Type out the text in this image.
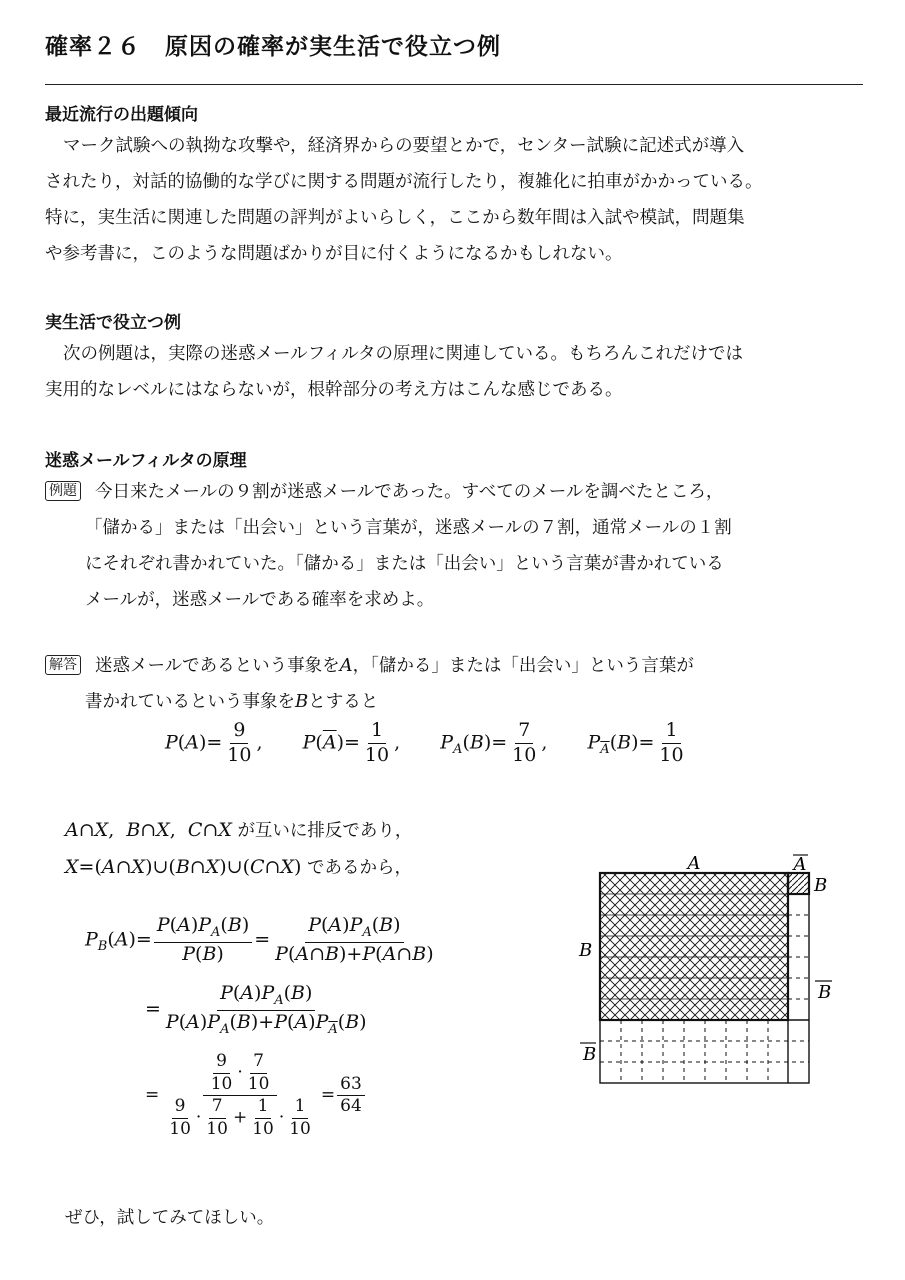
確率２６　原因の確率が実生活で役立つ例
最近流行の出題傾向
マーク試験への執拗な攻撃や，経済界からの要望とかで，センター試験に記述式が導入
されたり，対話的協働的な学びに関する問題が流行したり，複雑化に拍車がかかっている。
特に，実生活に関連した問題の評判がよいらしく，ここから数年間は入試や模試，問題集
や参考書に，このような問題ばかりが目に付くようになるかもしれない。
実生活で役立つ例
次の例題は，実際の迷惑メールフィルタの原理に関連している。もちろんこれだけでは
実用的なレベルにはならないが，根幹部分の考え方はこんな感じである。
迷惑メールフィルタの原理
例題 今日来たメールの９割が迷惑メールであった。すべてのメールを調べたところ，
「儲かる」または「出会い」という言葉が，迷惑メールの７割，通常メールの１割
にそれぞれ書かれていた。「儲かる」または「出会い」という言葉が書かれている
メールが，迷惑メールである確率を求めよ。
解答 迷惑メールであるという事象をA，「儲かる」または「出会い」という言葉が
書かれているという事象をBとすると
$P(A)= \frac{9}{10}$ ,  $P(\overline{A})= \frac{1}{10}$ ,  $P_A(B)= \frac{7}{10}$ ,  $P_{\overline{A}}(B)= \frac{1}{10}$
A∩X,  B∩X,  C∩X が互いに排反であり，
X=(A∩X)∪(B∩X)∪(C∩X) であるから，
$P_B(A)= \frac{P(A)P_A(B)}{P(B)} = \frac{P(A)P_A(B)}{P(A\cap B)+P(\overline{A}\cap B)}$
= $\frac{P(A)P_A(B)}{P(A)P_A(B)+P(\overline{A})P_{\overline{A}}(B)}$
= $\frac{\frac{9}{10} \cdot \frac{7}{10}}{\frac{9}{10} \cdot \frac{7}{10} + \frac{1}{10} \cdot \frac{1}{10}} = \frac{63}{64}$
ぜひ，試してみてほしい。
A	A
B
B
B
B
